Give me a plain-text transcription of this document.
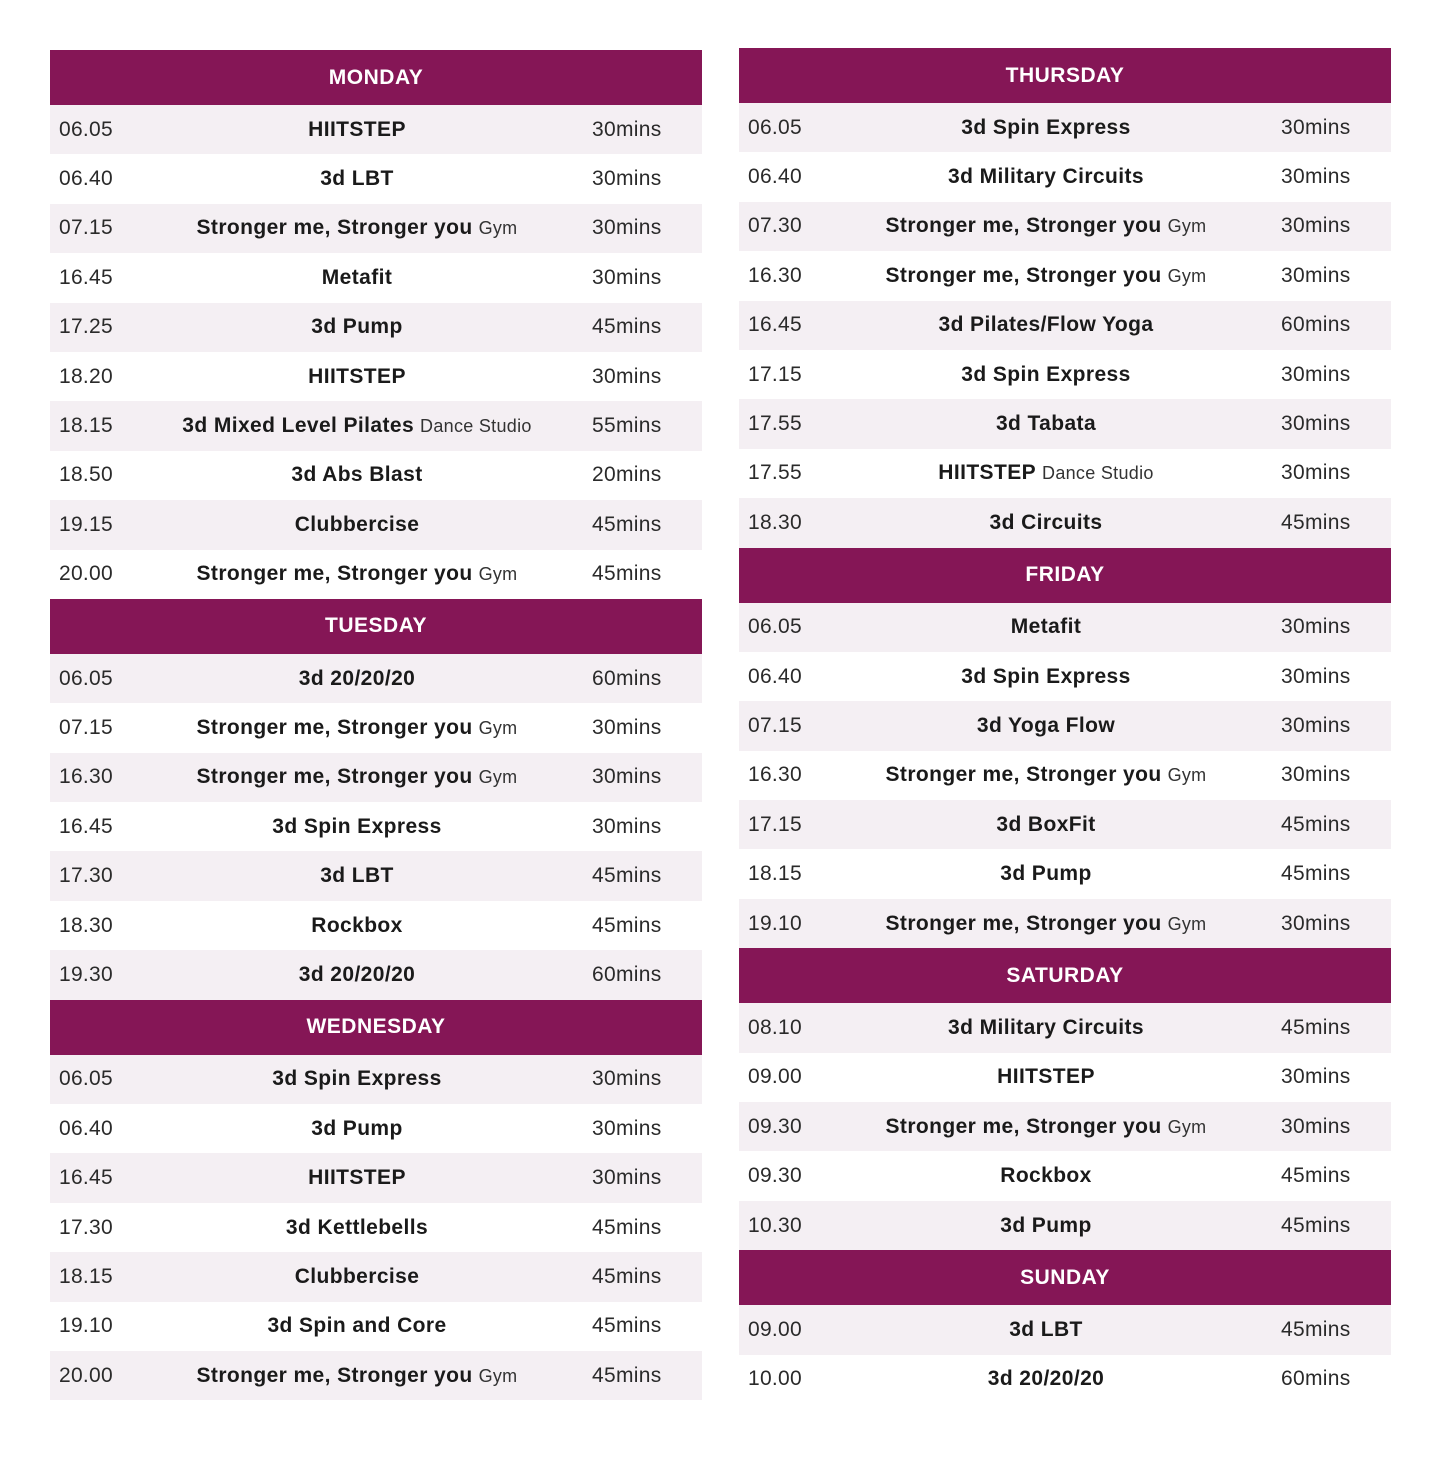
MONDAY
06.05	HIITSTEP	30mins
06.40	3d LBT	30mins
07.15	Stronger me, Stronger you Gym	30mins
16.45	Metafit	30mins
17.25	3d Pump	45mins
18.20	HIITSTEP	30mins
18.15	3d Mixed Level Pilates Dance Studio	55mins
18.50	3d Abs Blast	20mins
19.15	Clubbercise	45mins
20.00	Stronger me, Stronger you Gym	45mins
TUESDAY
06.05	3d 20/20/20	60mins
07.15	Stronger me, Stronger you Gym	30mins
16.30	Stronger me, Stronger you Gym	30mins
16.45	3d Spin Express	30mins
17.30	3d LBT	45mins
18.30	Rockbox	45mins
19.30	3d 20/20/20	60mins
WEDNESDAY
06.05	3d Spin Express	30mins
06.40	3d Pump	30mins
16.45	HIITSTEP	30mins
17.30	3d Kettlebells	45mins
18.15	Clubbercise	45mins
19.10	3d Spin and Core	45mins
20.00	Stronger me, Stronger you Gym	45mins
THURSDAY
06.05	3d Spin Express	30mins
06.40	3d Military Circuits	30mins
07.30	Stronger me, Stronger you Gym	30mins
16.30	Stronger me, Stronger you Gym	30mins
16.45	3d Pilates/Flow Yoga	60mins
17.15	3d Spin Express	30mins
17.55	3d Tabata	30mins
17.55	HIITSTEP Dance Studio	30mins
18.30	3d Circuits	45mins
FRIDAY
06.05	Metafit	30mins
06.40	3d Spin Express	30mins
07.15	3d Yoga Flow	30mins
16.30	Stronger me, Stronger you Gym	30mins
17.15	3d BoxFit	45mins
18.15	3d Pump	45mins
19.10	Stronger me, Stronger you Gym	30mins
SATURDAY
08.10	3d Military Circuits	45mins
09.00	HIITSTEP	30mins
09.30	Stronger me, Stronger you Gym	30mins
09.30	Rockbox	45mins
10.30	3d Pump	45mins
SUNDAY
09.00	3d LBT	45mins
10.00	3d 20/20/20	60mins
